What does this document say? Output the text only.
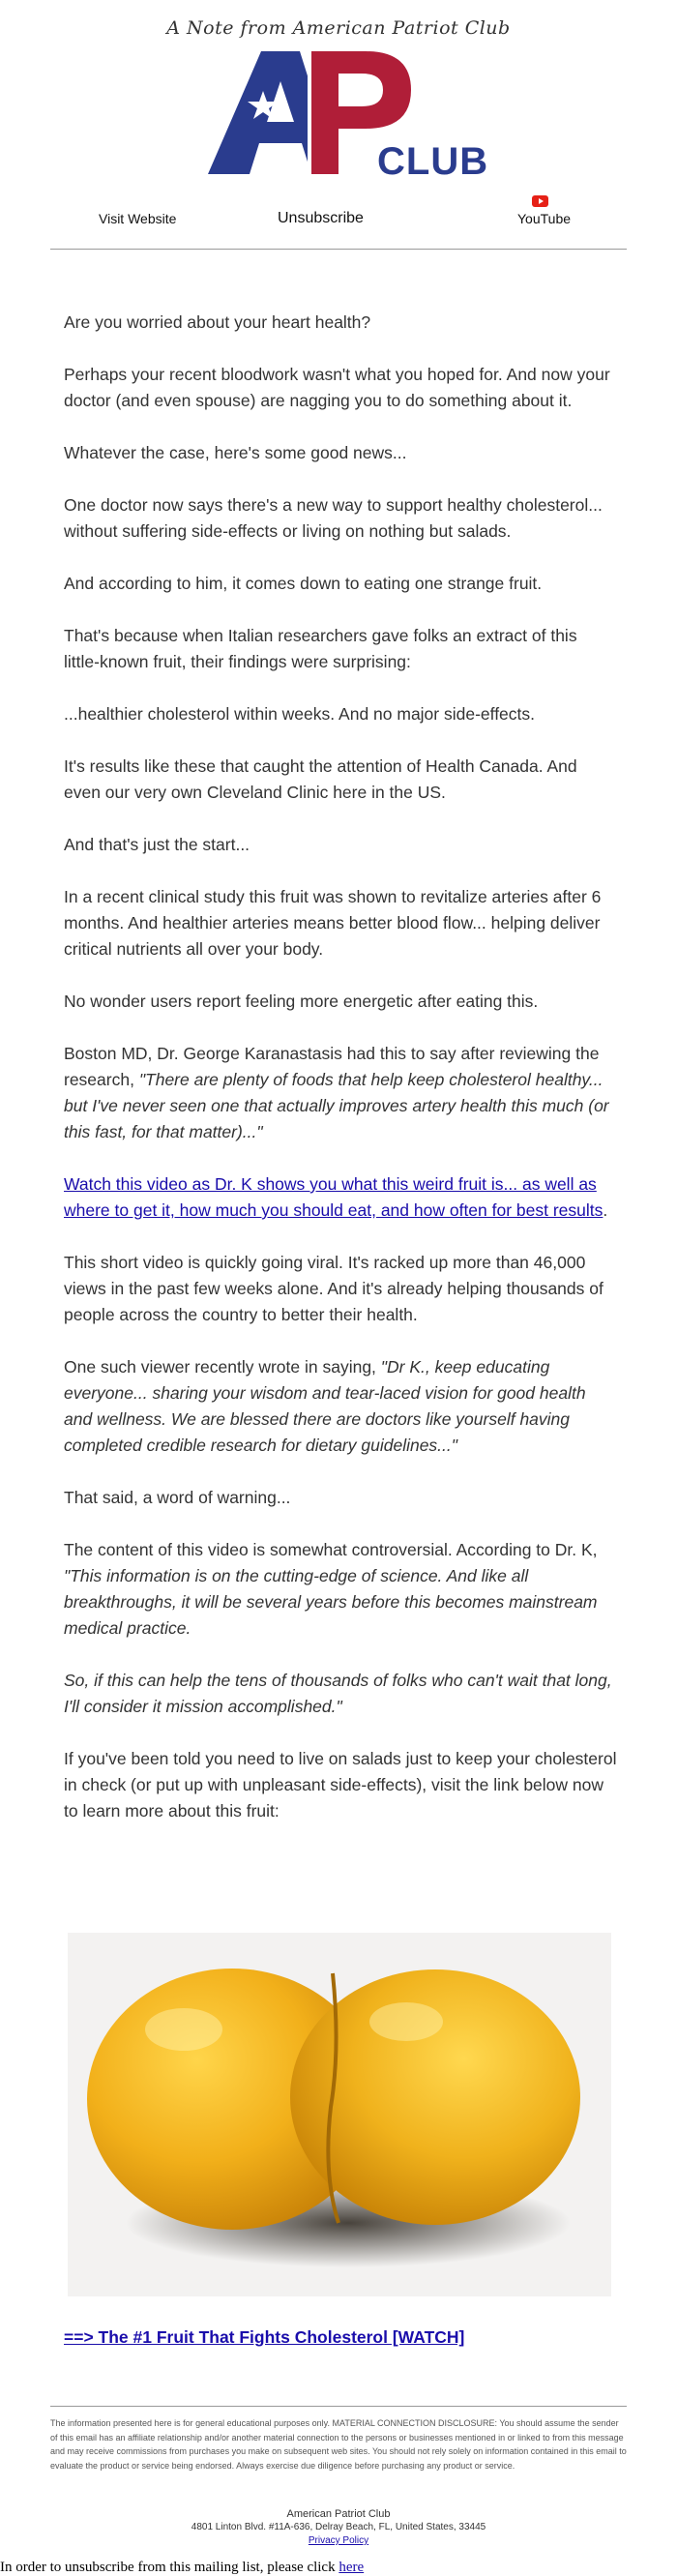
A Note from American Patriot Club
CLUB
Visit Website	Unsubscribe	YouTube

Are you worried about your heart health?

Perhaps your recent bloodwork wasn't what you hoped for. And now your doctor (and even spouse) are nagging you to do something about it.

Whatever the case, here's some good news...

One doctor now says there's a new way to support healthy cholesterol... without suffering side-effects or living on nothing but salads.

And according to him, it comes down to eating one strange fruit.

That's because when Italian researchers gave folks an extract of this little-known fruit, their findings were surprising:

...healthier cholesterol within weeks. And no major side-effects.

It's results like these that caught the attention of Health Canada. And even our very own Cleveland Clinic here in the US.

And that's just the start...

In a recent clinical study this fruit was shown to revitalize arteries after 6 months. And healthier arteries means better blood flow... helping deliver critical nutrients all over your body.

No wonder users report feeling more energetic after eating this.

Boston MD, Dr. George Karanastasis had this to say after reviewing the research, "There are plenty of foods that help keep cholesterol healthy... but I've never seen one that actually improves artery health this much (or this fast, for that matter)..."

Watch this video as Dr. K shows you what this weird fruit is... as well as where to get it, how much you should eat, and how often for best results.

This short video is quickly going viral. It's racked up more than 46,000 views in the past few weeks alone. And it's already helping thousands of people across the country to better their health.

One such viewer recently wrote in saying, "Dr K., keep educating everyone... sharing your wisdom and tear-laced vision for good health and wellness. We are blessed there are doctors like yourself having completed credible research for dietary guidelines..."

That said, a word of warning...

The content of this video is somewhat controversial. According to Dr. K, "This information is on the cutting-edge of science. And like all breakthroughs, it will be several years before this becomes mainstream medical practice.

So, if this can help the tens of thousands of folks who can't wait that long, I'll consider it mission accomplished."

If you've been told you need to live on salads just to keep your cholesterol in check (or put up with unpleasant side-effects), visit the link below now to learn more about this fruit:

==> The #1 Fruit That Fights Cholesterol [WATCH]
The information presented here is for general educational purposes only. MATERIAL CONNECTION DISCLOSURE: You should assume the sender of this email has an affiliate relationship and/or another material connection to the persons or businesses mentioned in or linked to from this message and may receive commissions from purchases you make on subsequent web sites. You should not rely solely on information contained in this email to evaluate the product or service being endorsed. Always exercise due diligence before purchasing any product or service.
American Patriot Club
4801 Linton Blvd. #11A-636, Delray Beach, FL, United States, 33445
Privacy Policy
In order to unsubscribe from this mailing list, please click here
